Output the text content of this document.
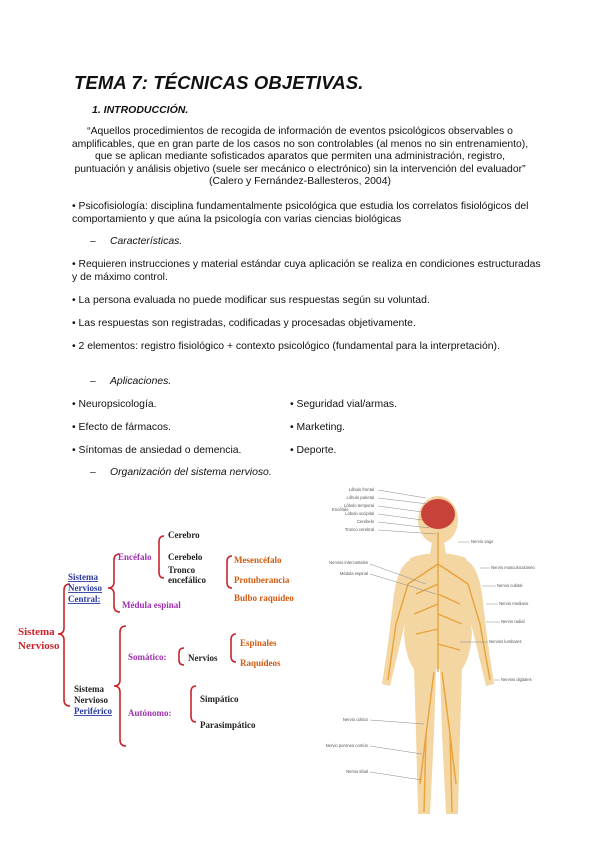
TEMA 7: TÉCNICAS OBJETIVAS.
1. INTRODUCCIÓN.
“Aquellos procedimientos de recogida de información de eventos psicológicos observables o amplificables, que en gran parte de los casos no son controlables (al menos no sin entrenamiento), que se aplican mediante sofisticados aparatos que permiten una administración, registro, puntuación y análisis objetivo (suele ser mecánico o electrónico) sin la intervención del evaluador” (Calero y Fernández-Ballesteros, 2004)
• Psicofisiología: disciplina fundamentalmente psicológica que estudia los correlatos fisiológicos del comportamiento y que aúna la psicología con varias ciencias biológicas
– Características.
• Requieren instrucciones y material estándar cuya aplicación se realiza en condiciones estructuradas y de máximo control.
• La persona evaluada no puede modificar sus respuestas según su voluntad.
• Las respuestas son registradas, codificadas y procesadas objetivamente.
• 2 elementos: registro fisiológico + contexto psicológico (fundamental para la interpretación).
– Aplicaciones.
• Neuropsicología.
• Efecto de fármacos.
• Síntomas de ansiedad o demencia.
• Seguridad vial/armas.
• Marketing.
• Deporte.
– Organización del sistema nervioso.
Sistema
Nervioso
Sistema
Nervioso
Central:
Encéfalo
Cerebro
Cerebelo
Tronco
encefálico
Mesencéfalo
Protuberancia
Bulbo raquídeo
Médula espinal
Sistema
Nervioso
Periférico
Somático: Nervios
Espinales
Raquídeos
Autónomo:
Simpático
Parasimpático
Lóbulo frontal
Lóbulo parietal
Lóbulo temporal
Lóbulo occipital
Cerebelo
Tronco cerebral
Encéfalo
Nervios intercostales
Médula espinal
Nervio ciático
Nervio peroneo común
Nervio tibial
Nervio vago
Nervio musculocutáneo
Nervio cubital
Nervio mediano
Nervio radial
Nervios lumbares
Nervios digitales
